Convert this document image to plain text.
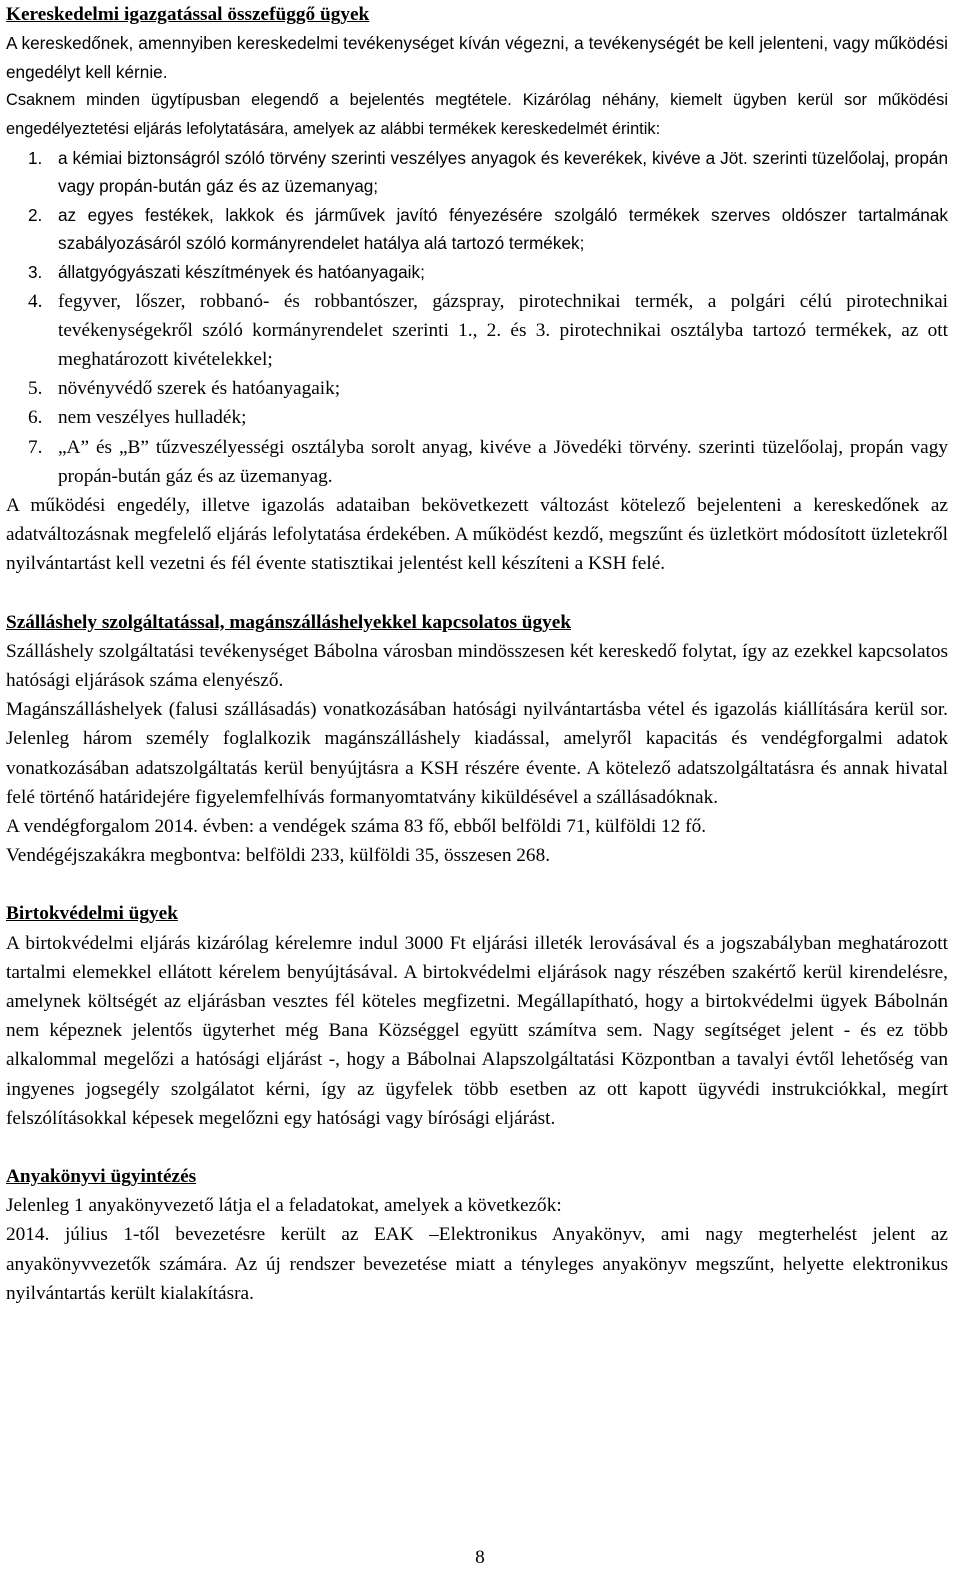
Kereskedelmi igazgatással összefüggő ügyek

A kereskedőnek, amennyiben kereskedelmi tevékenységet kíván végezni, a tevékenységét be kell jelenteni, vagy működési engedélyt kell kérnie.

Csaknem minden ügytípusban elegendő a bejelentés megtétele. Kizárólag néhány, kiemelt ügyben kerül sor működési engedélyeztetési eljárás lefolytatására, amelyek az alábbi termékek kereskedelmét érintik:

1. a kémiai biztonságról szóló törvény szerinti veszélyes anyagok és keverékek, kivéve a Jöt. szerinti tüzelőolaj, propán vagy propán-bután gáz és az üzemanyag;
2. az egyes festékek, lakkok és járművek javító fényezésére szolgáló termékek szerves oldószer tartalmának szabályozásáról szóló kormányrendelet hatálya alá tartozó termékek;
3. állatgyógyászati készítmények és hatóanyagaik;
4. fegyver, lőszer, robbanó- és robbantószer, gázspray, pirotechnikai termék, a polgári célú pirotechnikai tevékenységekről szóló kormányrendelet szerinti 1., 2. és 3. pirotechnikai osztályba tartozó termékek, az ott meghatározott kivételekkel;
5. növényvédő szerek és hatóanyagaik;
6. nem veszélyes hulladék;
7. „A” és „B” tűzveszélyességi osztályba sorolt anyag, kivéve a Jövedéki törvény. szerinti tüzelőolaj, propán vagy propán-bután gáz és az üzemanyag.

A működési engedély, illetve igazolás adataiban bekövetkezett változást kötelező bejelenteni a kereskedőnek az adatváltozásnak megfelelő eljárás lefolytatása érdekében. A működést kezdő, megszűnt és üzletkört módosított üzletekről nyilvántartást kell vezetni és fél évente statisztikai jelentést kell készíteni a KSH felé.

Szálláshely szolgáltatással, magánszálláshelyekkel kapcsolatos ügyek

Szálláshely szolgáltatási tevékenységet Bábolna városban mindösszesen két kereskedő folytat, így az ezekkel kapcsolatos hatósági eljárások száma elenyésző.

Magánszálláshelyek (falusi szállásadás) vonatkozásában hatósági nyilvántartásba vétel és igazolás kiállítására kerül sor. Jelenleg három személy foglalkozik magánszálláshely kiadással, amelyről kapacitás és vendégforgalmi adatok vonatkozásában adatszolgáltatás kerül benyújtásra a KSH részére évente. A kötelező adatszolgáltatásra és annak hivatal felé történő határidejére figyelemfelhívás formanyomtatvány kiküldésével a szállásadóknak.

A vendégforgalom 2014. évben: a vendégek száma 83 fő, ebből belföldi 71, külföldi 12 fő.

Vendégéjszakákra megbontva: belföldi 233, külföldi 35, összesen 268.

Birtokvédelmi ügyek

A birtokvédelmi eljárás kizárólag kérelemre indul 3000 Ft eljárási illeték lerovásával és a jogszabályban meghatározott tartalmi elemekkel ellátott kérelem benyújtásával. A birtokvédelmi eljárások nagy részében szakértő kerül kirendelésre, amelynek költségét az eljárásban vesztes fél köteles megfizetni. Megállapítható, hogy a birtokvédelmi ügyek Bábolnán nem képeznek jelentős ügyterhet még Bana Községgel együtt számítva sem. Nagy segítséget jelent - és ez több alkalommal megelőzi a hatósági eljárást -, hogy a Bábolnai Alapszolgáltatási Központban a tavalyi évtől lehetőség van ingyenes jogsegély szolgálatot kérni, így az ügyfelek több esetben az ott kapott ügyvédi instrukciókkal, megírt felszólításokkal képesek megelőzni egy hatósági vagy bírósági eljárást.

Anyakönyvi ügyintézés

Jelenleg 1 anyakönyvezető látja el a feladatokat, amelyek a következők:

2014. július 1-től bevezetésre került az EAK –Elektronikus Anyakönyv, ami nagy megterhelést jelent az anyakönyvvezetők számára. Az új rendszer bevezetése miatt a tényleges anyakönyv megszűnt, helyette elektronikus nyilvántartás került kialakításra.

8
